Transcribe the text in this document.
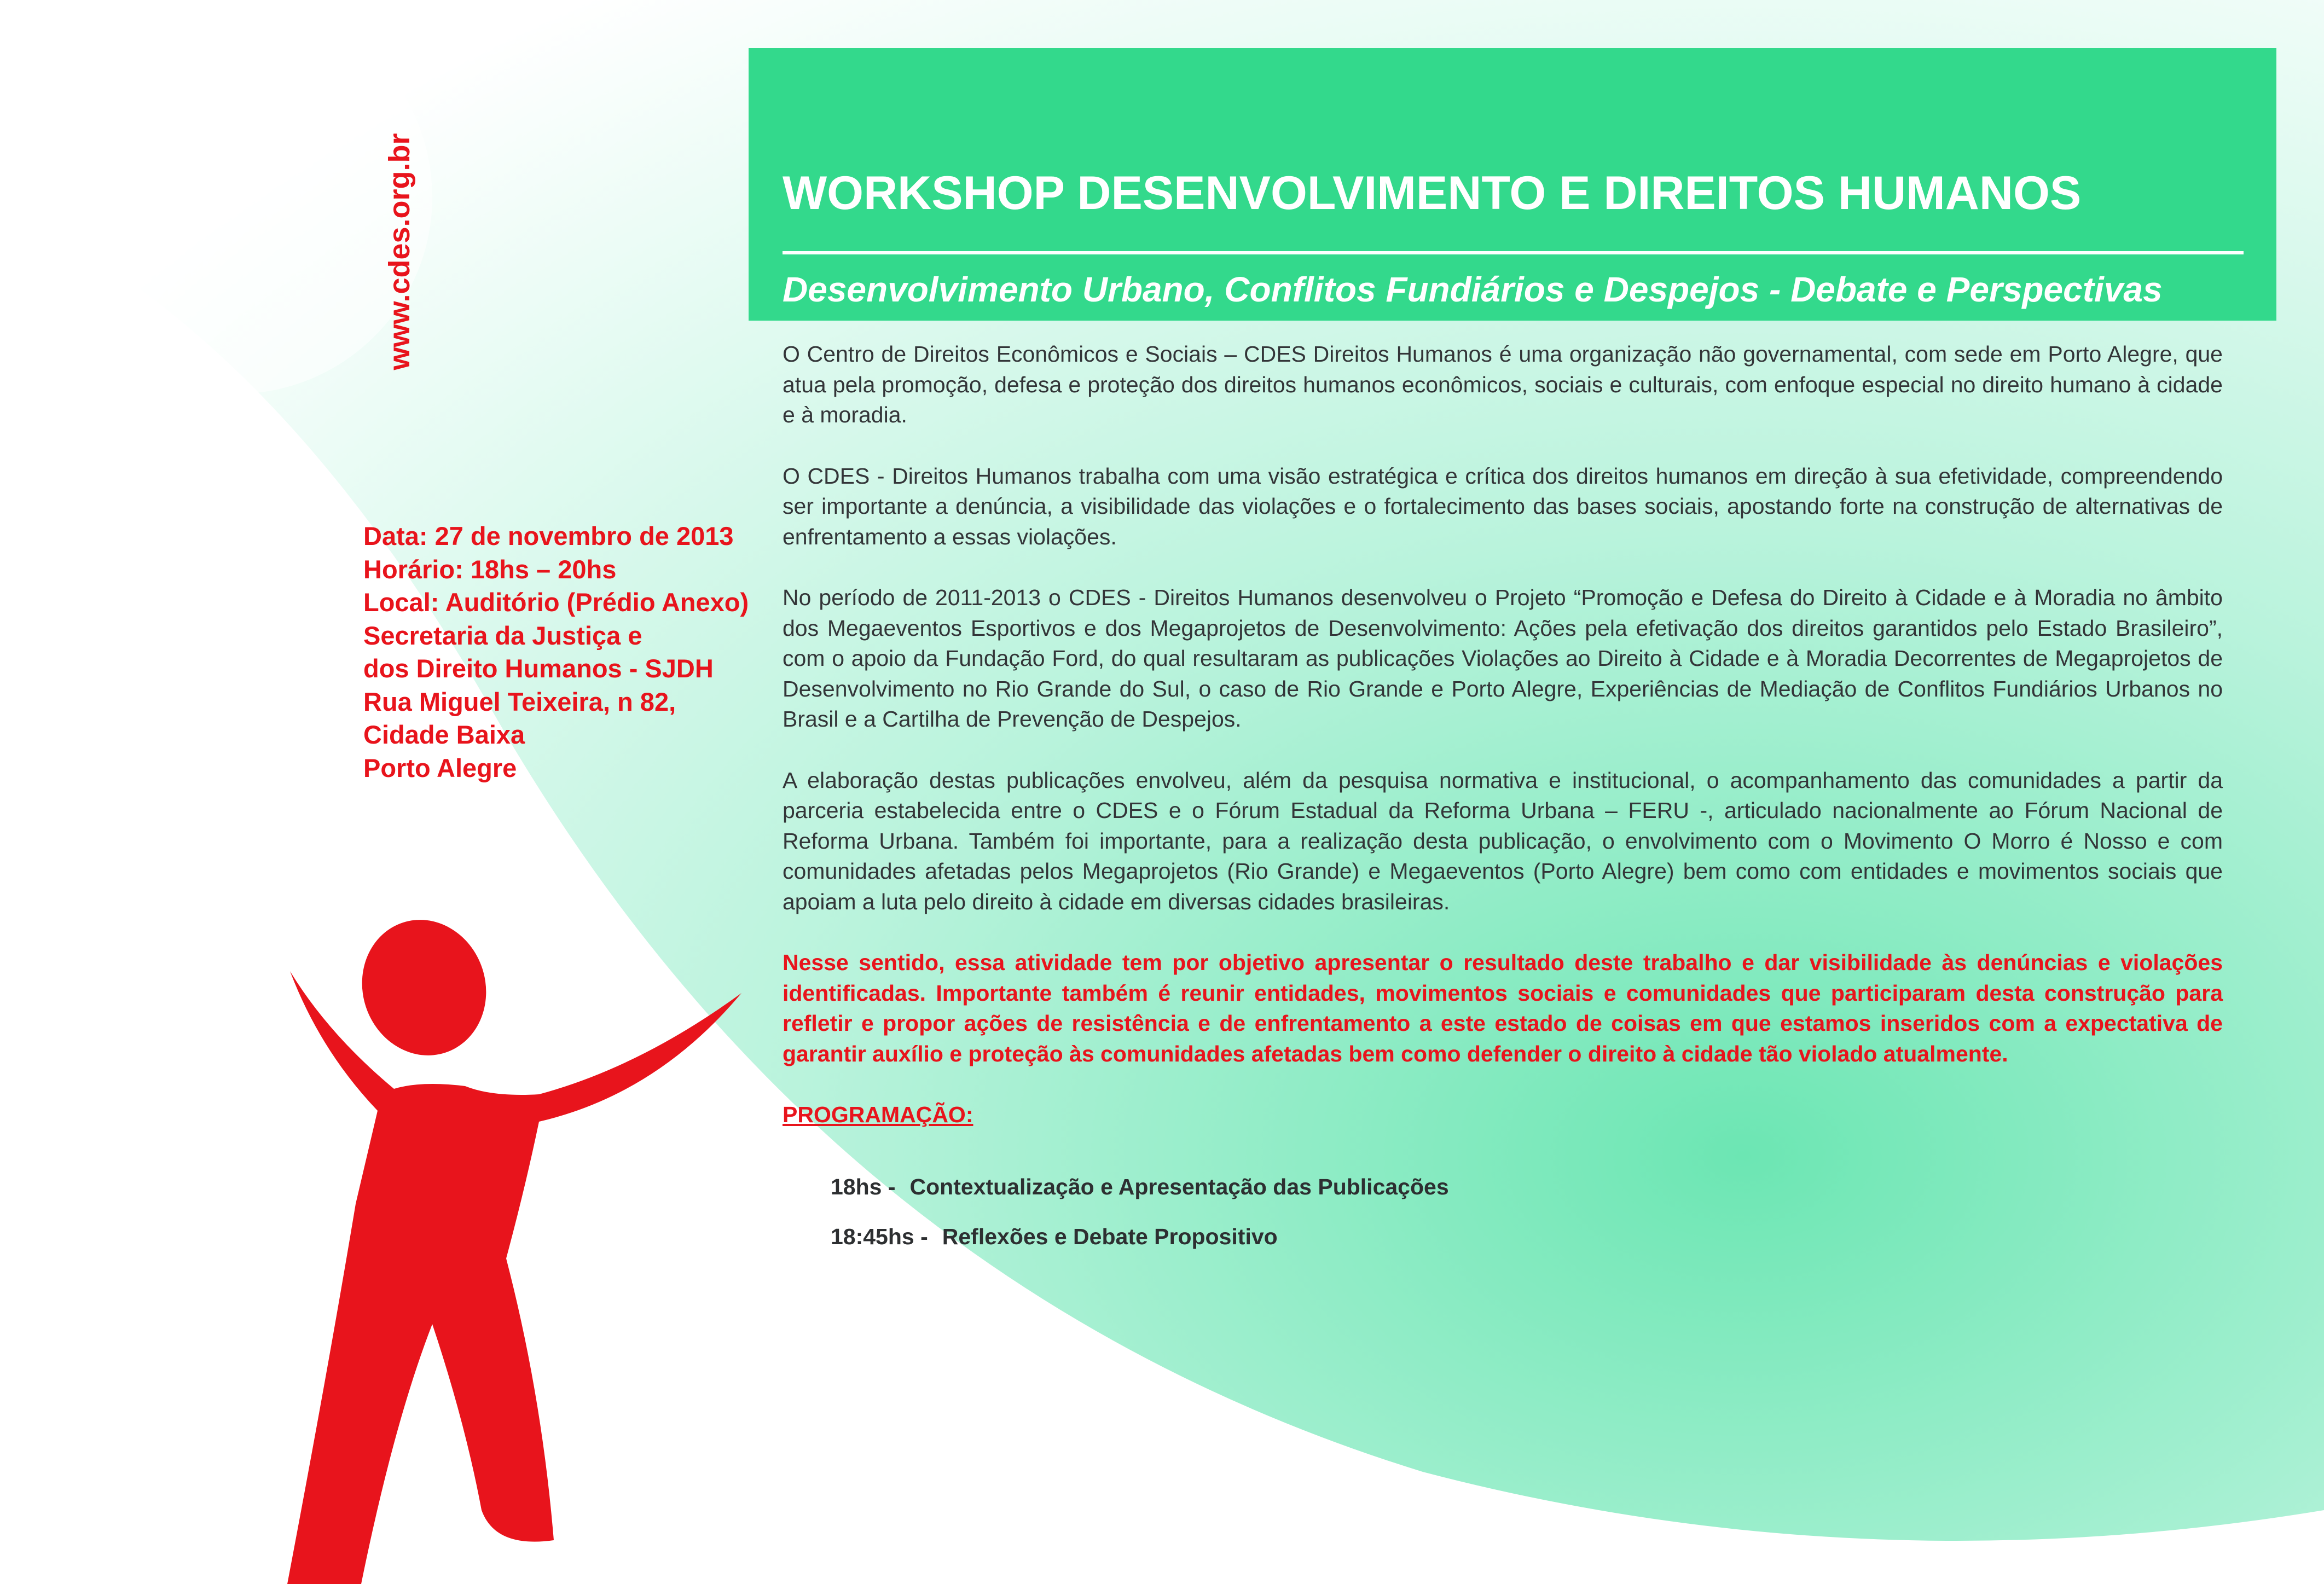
www.cdes.org.br
Data: 27 de novembro de 2013
Horário: 18hs – 20hs
Local: Auditório (Prédio Anexo)
Secretaria da Justiça e
dos Direito Humanos - SJDH
Rua Miguel Teixeira, n 82,
Cidade Baixa
Porto Alegre
WORKSHOP DESENVOLVIMENTO E DIREITOS HUMANOS
Desenvolvimento Urbano, Conflitos Fundiários e Despejos - Debate e Perspectivas

O Centro de Direitos Econômicos e Sociais – CDES Direitos Humanos é uma organização não governamental, com sede em Porto Alegre, que atua pela promoção, defesa e proteção dos direitos humanos econômicos, sociais e culturais, com enfoque especial no direito humano à cidade e à moradia.

O CDES - Direitos Humanos trabalha com uma visão estratégica e crítica dos direitos humanos em direção à sua efetividade, compreendendo ser importante a denúncia, a visibilidade das violações e o fortalecimento das bases sociais, apostando forte na construção de alternativas de enfrentamento a essas violações.

No período de 2011-2013 o CDES - Direitos Humanos desenvolveu o Projeto “Promoção e Defesa do Direito à Cidade e à Moradia no âmbito dos Megaeventos Esportivos e dos Megaprojetos de Desenvolvimento: Ações pela efetivação dos direitos garantidos pelo Estado Brasileiro”, com o apoio da Fundação Ford, do qual resultaram as publicações Violações ao Direito à Cidade e à Moradia Decorrentes de Megaprojetos de Desenvolvimento no Rio Grande do Sul, o caso de Rio Grande e Porto Alegre, Experiências de Mediação de Conflitos Fundiários Urbanos no Brasil e a Cartilha de Prevenção de Despejos.

A elaboração destas publicações envolveu, além da pesquisa normativa e institucional, o acompanhamento das comunidades a partir da parceria estabelecida entre o CDES e o Fórum Estadual da Reforma Urbana – FERU -, articulado nacionalmente ao Fórum Nacional de Reforma Urbana. Também foi importante, para a realização desta publicação, o envolvimento com o Movimento O Morro é Nosso e com comunidades afetadas pelos Megaprojetos (Rio Grande) e Megaeventos (Porto Alegre) bem como com entidades e movimentos sociais que apoiam a luta pelo direito à cidade em diversas cidades brasileiras.

Nesse sentido, essa atividade tem por objetivo apresentar o resultado deste trabalho e dar visibilidade às denúncias e violações identificadas. Importante também é reunir entidades, movimentos sociais e comunidades que participaram desta construção para refletir e propor ações de resistência e de enfrentamento a este estado de coisas em que estamos inseridos com a expectativa de garantir auxílio e proteção às comunidades afetadas bem como defender o direito à cidade tão violado atualmente.

PROGRAMAÇÃO:
18hs - Contextualização e Apresentação das Publicações
18:45hs - Reflexões e Debate Propositivo
